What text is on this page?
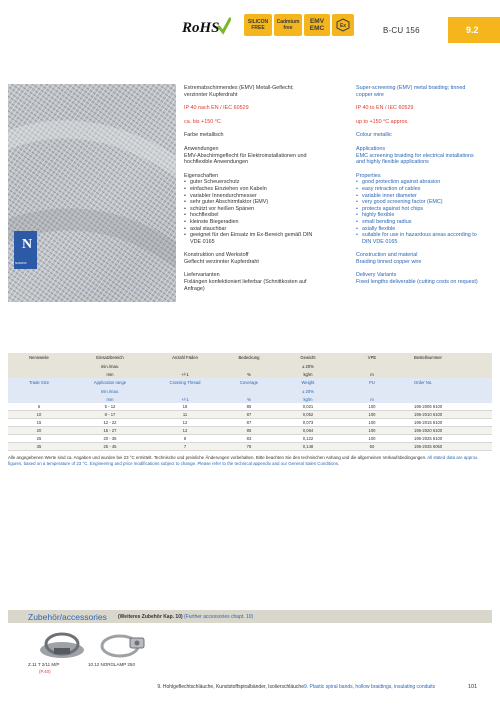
RoHS	SILICON FREE
Cadmium free
EMV
EMC	Ex	B-CU 156	9.2
N
NORDIX
Extremabschirmendes (EMV) Metall-Geflecht;
verzinnter Kupferdraht
IP 40 nach EN / IEC 60529
ca. bis +150 °C
Farbe metallisch
Anwendungen
EMV-Abschirmgeflecht für Elektroinstallationen und
hochflexible Anwendungen
Eigenschaften
• guter Scheuerschutz
• einfaches Einziehen von Kabeln
• variabler Innendurchmesser
• sehr guter Abschirmfaktor (EMV)
• schützt vor heißen Spänen
• hochflexibel
• kleinste Biegeradien
• axial stauchbar
• geeignet für den Einsatz im Ex-Bereich gemäß DIN
VDE 0165
Konstruktion und Werkstoff
Geflecht verzinnter Kupferdraht
Liefervarianten
Fixlängen konfektioniert lieferbar (Schnittkosten auf
Anfrage)
Super-screening (EMV) metal braiding; tinned
copper wire
IP 40 to EN / IEC 60529
up to +150 °C approx.
Colour metallic
Applications
EMC screening braiding for electrical installations
and highly flexible applications
Properties
• good protection against abrasion
• easy retraction of cables
• variable inner diameter
• very good screening factor (EMC)
• protects against hot chips
• highly flexible
• small bending radius
• axially flexible
• suitable for use in hazardous areas according to
DIN VDE 0165
Construction and material
Braiding tinned copper wire
Delivery Variants
Fixed lengths deliverable (cutting costs on request)
Nennweite	Einsatzbereich	Anzahl Fäden	Bedeckung	Gewicht	VPE	Bestellnummer
min./max.	± 20%
mm	+/-1	%	kg/m	m
Trade Size	Application range	Crossing Thread	Coverage	Weight	PU	Order No.
min./max.	± 20%
mm	+/-1	%	kg/m	m
6	5 - 12	18	85	0,021	100	195-2006 6100
10	8 - 17	11	87	0,052	100	195-2010 6100
15	12 - 22	12	87	0,073	100	195-2015 6100
20	15 - 27	12	85	0,084	100	195-2020 6100
25	20 - 35	8	83	0,122	100	195-2025 6100
35	25 - 45	7	78	0,148	50	195-2035 6050
Alle angegebenen Werte sind ca. Angaben und wurden bei 23 °C ermittelt. Technische und preisliche Änderungen vorbehalten. Bitte beachten Sie den technischen Anhang und die allgemeinen Verkaufsbedingungen. All stated data are approx. figures, based on a temperature of 23 °C. Engineering and price modifications subject to change. Please refer to the technical appendix and our General Sales Conditions.
Zubehör/accessories (Weiteres Zubehör Kap. 10) (Further accessories chapt. 10)
Z.11 T 2/11 M/P
(P.40)
10.12 NORGLAMP 250
9. Hohlgeflechtschläuche, Kunststoffspiralbänder, Isolierschläuche 9. Plastic spiral bands, hollow braidings, insulating conduits	101
